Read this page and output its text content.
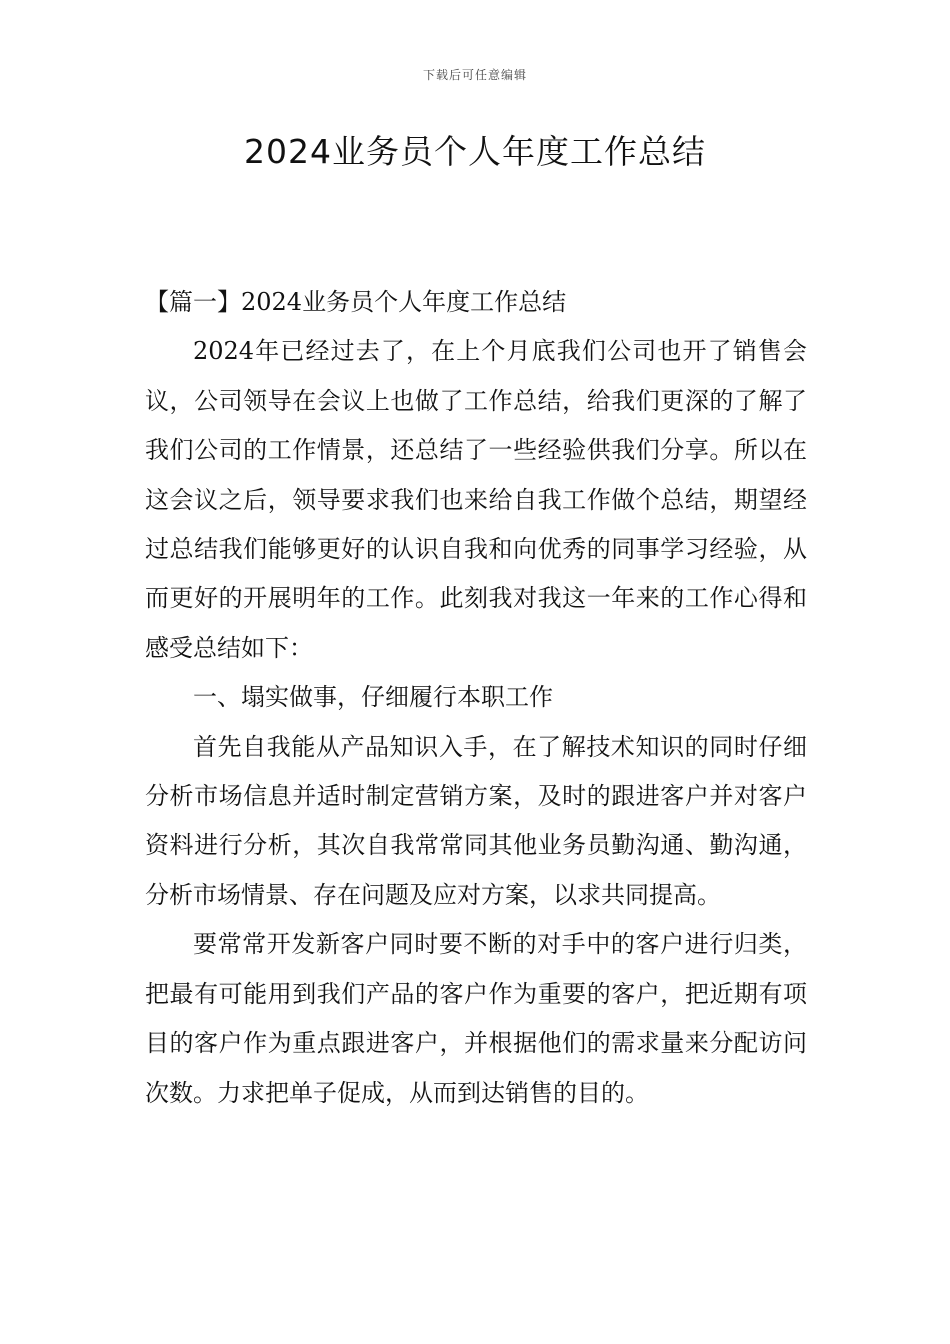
下载后可任意编辑
2024业务员个人年度工作总结

【篇一】2024业务员个人年度工作总结

2024年已经过去了，在上个月底我们公司也开了销售会议，公司领导在会议上也做了工作总结，给我们更深的了解了我们公司的工作情景，还总结了一些经验供我们分享。所以在这会议之后，领导要求我们也来给自我工作做个总结，期望经过总结我们能够更好的认识自我和向优秀的同事学习经验，从而更好的开展明年的工作。此刻我对我这一年来的工作心得和感受总结如下：

一、塌实做事，仔细履行本职工作

首先自我能从产品知识入手，在了解技术知识的同时仔细分析市场信息并适时制定营销方案，及时的跟进客户并对客户资料进行分析，其次自我常常同其他业务员勤沟通、勤沟通，分析市场情景、存在问题及应对方案，以求共同提高。

要常常开发新客户同时要不断的对手中的客户进行归类，把最有可能用到我们产品的客户作为重要的客户，把近期有项目的客户作为重点跟进客户，并根据他们的需求量来分配访问次数。力求把单子促成，从而到达销售的目的。
